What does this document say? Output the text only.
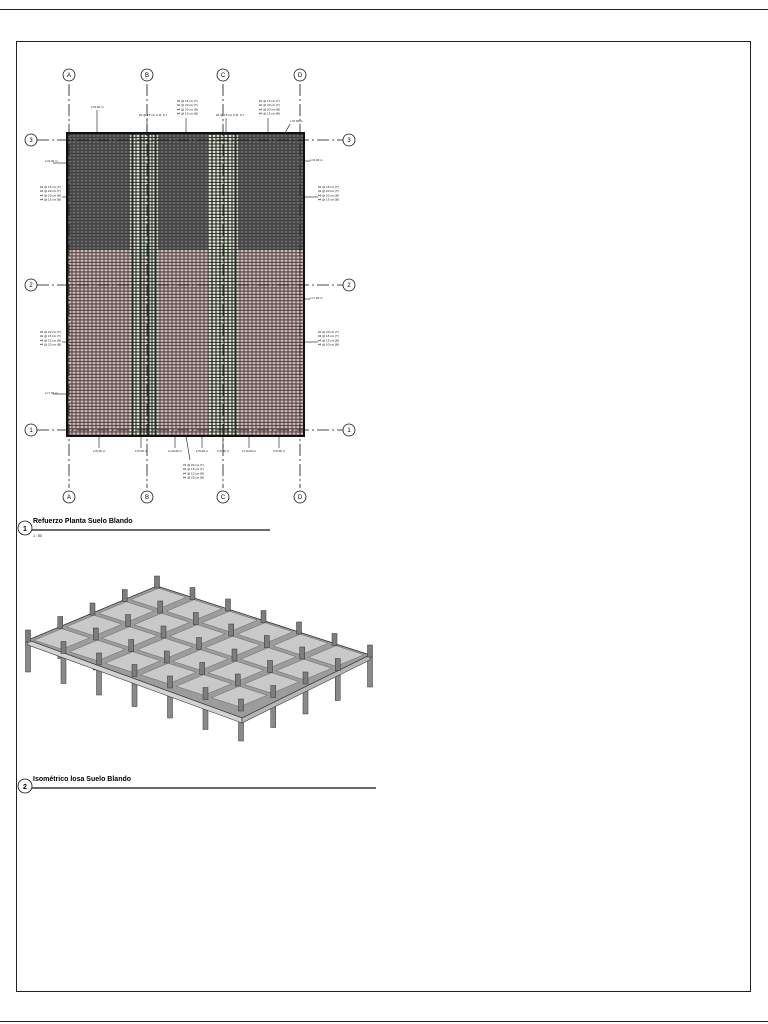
A
A
B
B
C
C
D
D
3	3
2	2
1	1
L=5.00 m
#4 @ 15 cm C.R. 0.7
#4 @ 15 cm (T)
#4 @ 20 cm (T)
#4 @ 20 cm (B)
#4 @ 15 cm (B)	#4 @ 15 cm C.R. 0.7
#4 @ 15 cm (T)
#4 @ 20 cm (T)
#4 @ 20 cm (B)
#4 @ 15 cm (B)
L=5.00 m
L=6.00 m
#4 @ 15 cm (T)
#4 @ 20 cm (T)
#4 @ 20 cm (B)
#4 @ 15 cm (B)
#4 @ 20 cm (T)
#4 @ 15 cm (T)
#4 @ 15 cm (B)
#4 @ 20 cm (B)
L=7.00 m
L=6.00 m
#4 @ 15 cm (T)
#4 @ 20 cm (T)
#4 @ 20 cm (B)
#4 @ 15 cm (B)
L=7.00 m
#4 @ 20 cm (T)
#4 @ 15 cm (T)
#4 @ 15 cm (B)
#4 @ 20 cm (B)
L=5.00 m	L=5.00 m	L=10.00 m	L=5.00 m	L=5.00 m	L=10.00 m	L=5.00 m
#4 @ 20 cm (T)
#4 @ 15 cm (T)
#4 @ 15 cm (B)
#4 @ 20 cm (B)
1
Refuerzo Planta Suelo Blando
1 : 50
2
Isométrico losa Suelo Blando
